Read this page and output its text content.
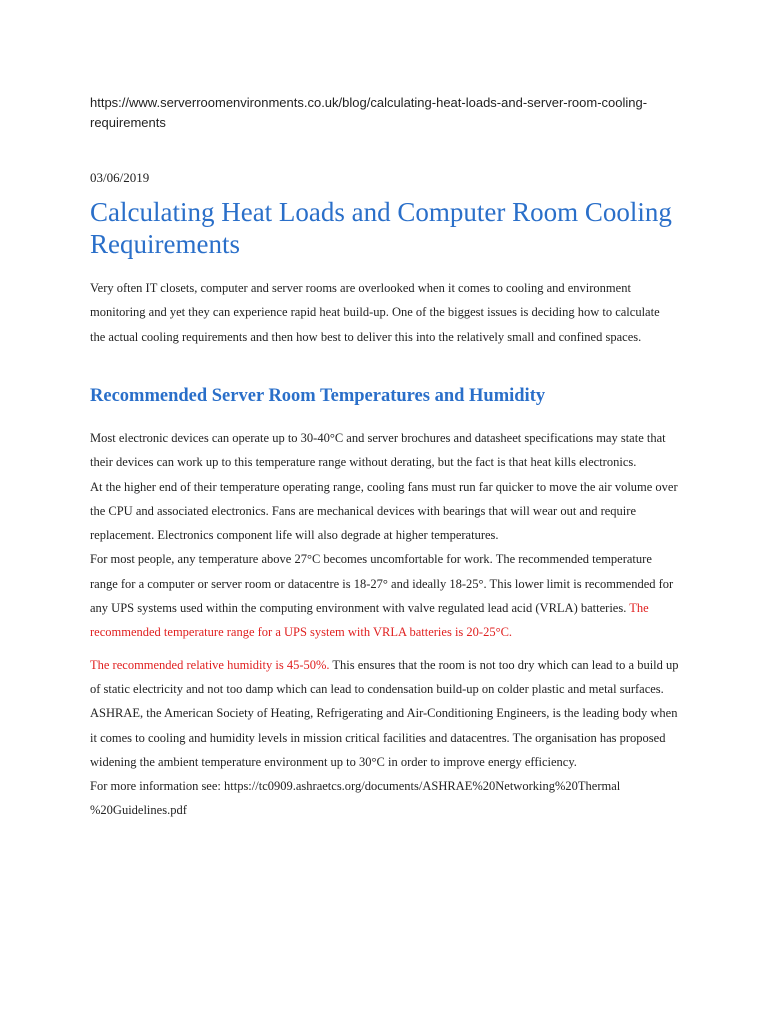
https://www.serverroomenvironments.co.uk/blog/calculating-heat-loads-and-server-room-cooling-requirements
03/06/2019
Calculating Heat Loads and Computer Room Cooling Requirements

Very often IT closets, computer and server rooms are overlooked when it comes to cooling and environment monitoring and yet they can experience rapid heat build-up. One of the biggest issues is deciding how to calculate the actual cooling requirements and then how best to deliver this into the relatively small and confined spaces.

Recommended Server Room Temperatures and Humidity

Most electronic devices can operate up to 30-40°C and server brochures and datasheet specifications may state that their devices can work up to this temperature range without derating, but the fact is that heat kills electronics.

At the higher end of their temperature operating range, cooling fans must run far quicker to move the air volume over the CPU and associated electronics. Fans are mechanical devices with bearings that will wear out and require replacement. Electronics component life will also degrade at higher temperatures.

For most people, any temperature above 27°C becomes uncomfortable for work. The recommended temperature range for a computer or server room or datacentre is 18-27° and ideally 18-25°. This lower limit is recommended for any UPS systems used within the computing environment with valve regulated lead acid (VRLA) batteries. The recommended temperature range for a UPS system with VRLA batteries is 20-25°C.

The recommended relative humidity is 45-50%. This ensures that the room is not too dry which can lead to a build up of static electricity and not too damp which can lead to condensation build-up on colder plastic and metal surfaces.

ASHRAE, the American Society of Heating, Refrigerating and Air-Conditioning Engineers, is the leading body when it comes to cooling and humidity levels in mission critical facilities and datacentres. The organisation has proposed widening the ambient temperature environment up to 30°C in order to improve energy efficiency.

For more information see: https://tc0909.ashraetcs.org/documents/ASHRAE%20Networking%20Thermal %20Guidelines.pdf
